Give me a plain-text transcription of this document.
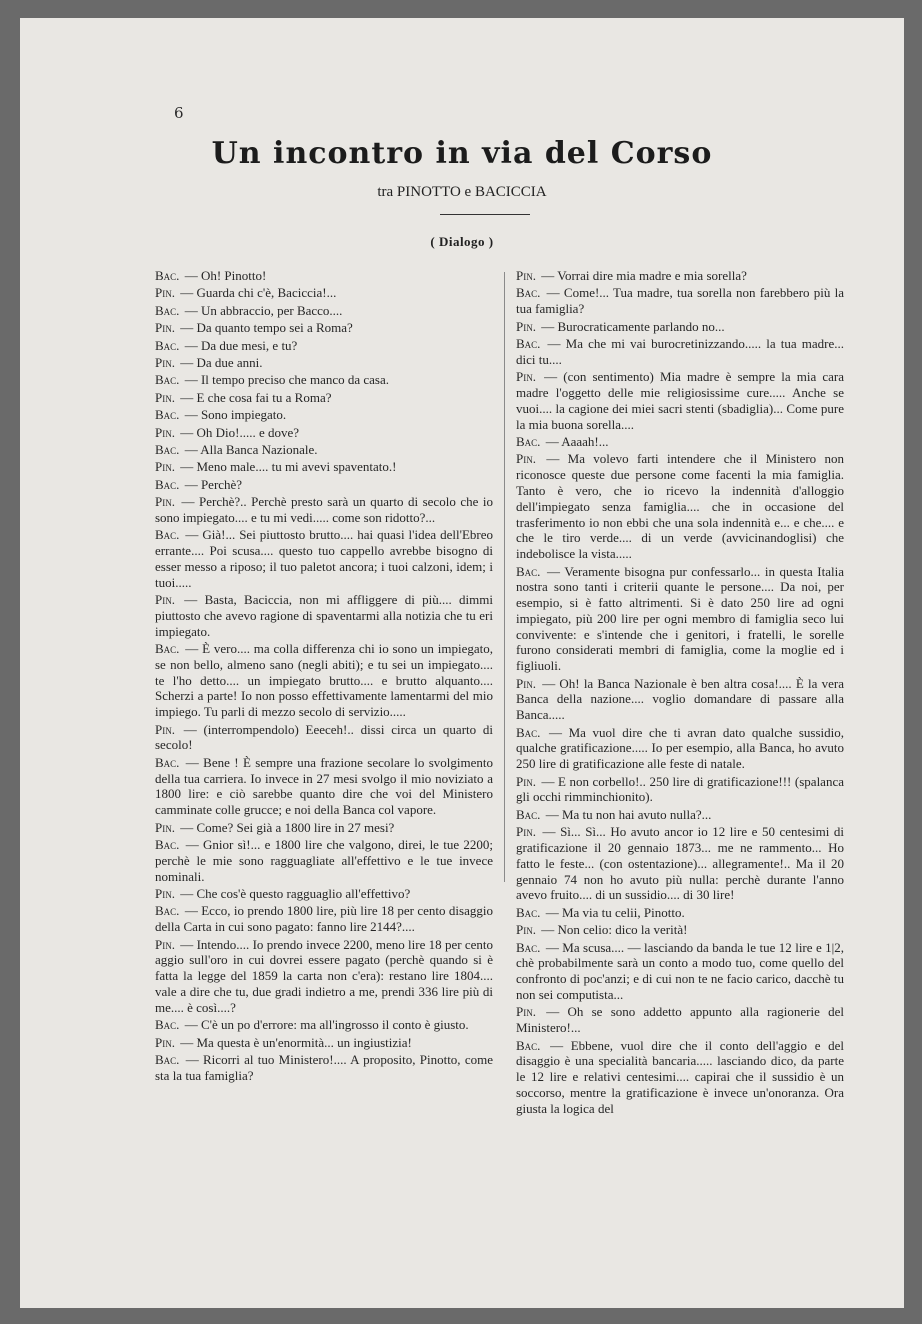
6
Un incontro in via del Corso
tra PINOTTO e BACICCIA
( Dialogo )
Bac. — Oh! Pinotto!
Pin. — Guarda chi c'è, Baciccia!...
Bac. — Un abbraccio, per Bacco....
Pin. — Da quanto tempo sei a Roma?
Bac. — Da due mesi, e tu?
Pin. — Da due anni.
Bac. — Il tempo preciso che manco da casa.
Pin. — E che cosa fai tu a Roma?
Bac. — Sono impiegato.
Pin. — Oh Dio!..... e dove?
Bac. — Alla Banca Nazionale.
Pin. — Meno male.... tu mi avevi spaventato.!
Bac. — Perchè?
Pin. — Perchè?.. Perchè presto sarà un quarto di secolo che io sono impiegato.... e tu mi vedi..... come son ridotto?...
Bac. — Già!... Sei piuttosto brutto.... hai quasi l'idea dell'Ebreo errante.... Poi scusa.... questo tuo cappello avrebbe bisogno di esser messo a riposo; il tuo paletot ancora; i tuoi calzoni, idem; i tuoi.....
Pin. — Basta, Baciccia, non mi affliggere di più.... dimmi piuttosto che avevo ragione di spaventarmi alla notizia che tu eri impiegato.
Bac. — È vero.... ma colla differenza chi io sono un impiegato, se non bello, almeno sano (negli abiti); e tu sei un impiegato.... te l'ho detto.... un impiegato brutto.... e brutto alquanto.... Scherzi a parte! Io non posso effettivamente lamentarmi del mio impiego. Tu parli di mezzo secolo di servizio.....
Pin. — (interrompendolo) Eeeceh!.. dissi circa un quarto di secolo!
Bac. — Bene ! È sempre una frazione secolare lo svolgimento della tua carriera. Io invece in 27 mesi svolgo il mio noviziato a 1800 lire: e ciò sarebbe quanto dire che voi del Ministero camminate colle grucce; e noi della Banca col vapore.
Pin. — Come? Sei già a 1800 lire in 27 mesi?
Bac. — Gnior sì!... e 1800 lire che valgono, direi, le tue 2200; perchè le mie sono ragguagliate all'effettivo e le tue invece nominali.
Pin. — Che cos'è questo ragguaglio all'effettivo?
Bac. — Ecco, io prendo 1800 lire, più lire 18 per cento disaggio della Carta in cui sono pagato: fanno lire 2144?....
Pin. — Intendo.... Io prendo invece 2200, meno lire 18 per cento aggio sull'oro in cui dovrei essere pagato (perchè quando si è fatta la legge del 1859 la carta non c'era): restano lire 1804.... vale a dire che tu, due gradi indietro a me, prendi 336 lire più di me.... è così....?
Bac. — C'è un po d'errore: ma all'ingrosso il conto è giusto.
Pin. — Ma questa è un'enormità... un ingiustizia!
Bac. — Ricorri al tuo Ministero!.... A proposito, Pinotto, come sta la tua famiglia?
Pin. — Vorrai dire mia madre e mia sorella?
Bac. — Come!... Tua madre, tua sorella non farebbero più la tua famiglia?
Pin. — Burocraticamente parlando no...
Bac. — Ma che mi vai burocretinizzando..... la tua madre... dici tu....
Pin. — (con sentimento) Mia madre è sempre la mia cara madre l'oggetto delle mie religiosissime cure..... Anche se vuoi.... la cagione dei miei sacri stenti (sbadiglia)... Come pure la mia buona sorella....
Bac. — Aaaah!...
Pin. — Ma volevo farti intendere che il Ministero non riconosce queste due persone come facenti la mia famiglia. Tanto è vero, che io ricevo la indennità d'alloggio dell'impiegato senza famiglia.... che in occasione del trasferimento io non ebbi che una sola indennità e... e che.... e che le tiro verde.... di un verde (avvicinandoglisi) che indebolisce la vista.....
Bac. — Veramente bisogna pur confessarlo... in questa Italia nostra sono tanti i criterii quante le persone.... Da noi, per esempio, si è fatto altrimenti. Si è dato 250 lire ad ogni impiegato, più 200 lire per ogni membro di famiglia seco lui convivente: e s'intende che i genitori, i fratelli, le sorelle furono considerati membri di famiglia, come la moglie ed i figliuoli.
Pin. — Oh! la Banca Nazionale è ben altra cosa!.... È la vera Banca della nazione.... voglio domandare di passare alla Banca.....
Bac. — Ma vuol dire che ti avran dato qualche sussidio, qualche gratificazione..... Io per esempio, alla Banca, ho avuto 250 lire di gratificazione alle feste di natale.
Pin. — E non corbello!.. 250 lire di gratificazione!!! (spalanca gli occhi rimminchionito).
Bac. — Ma tu non hai avuto nulla?...
Pin. — Sì... Sì... Ho avuto ancor io 12 lire e 50 centesimi di gratificazione il 20 gennaio 1873... me ne rammento... Ho fatto le feste... (con ostentazione)... allegramente!.. Ma il 20 gennaio 74 non ho avuto più nulla: perchè durante l'anno avevo fruito.... di un sussidio.... di 30 lire!
Bac. — Ma via tu celii, Pinotto.
Pin. — Non celio: dico la verità!
Bac. — Ma scusa.... — lasciando da banda le tue 12 lire e 1|2, chè probabilmente sarà un conto a modo tuo, come quello del confronto di poc'anzi; e di cui non te ne facio carico, dacchè tu non sei computista...
Pin. — Oh se sono addetto appunto alla ragionerie del Ministero!...
Bac. — Ebbene, vuol dire che il conto dell'aggio e del disaggio è una specialità bancaria..... lasciando dico, da parte le 12 lire e relativi centesimi.... capirai che il sussidio è un soccorso, mentre la gratificazione è invece un'onoranza. Ora giusta la logica del
